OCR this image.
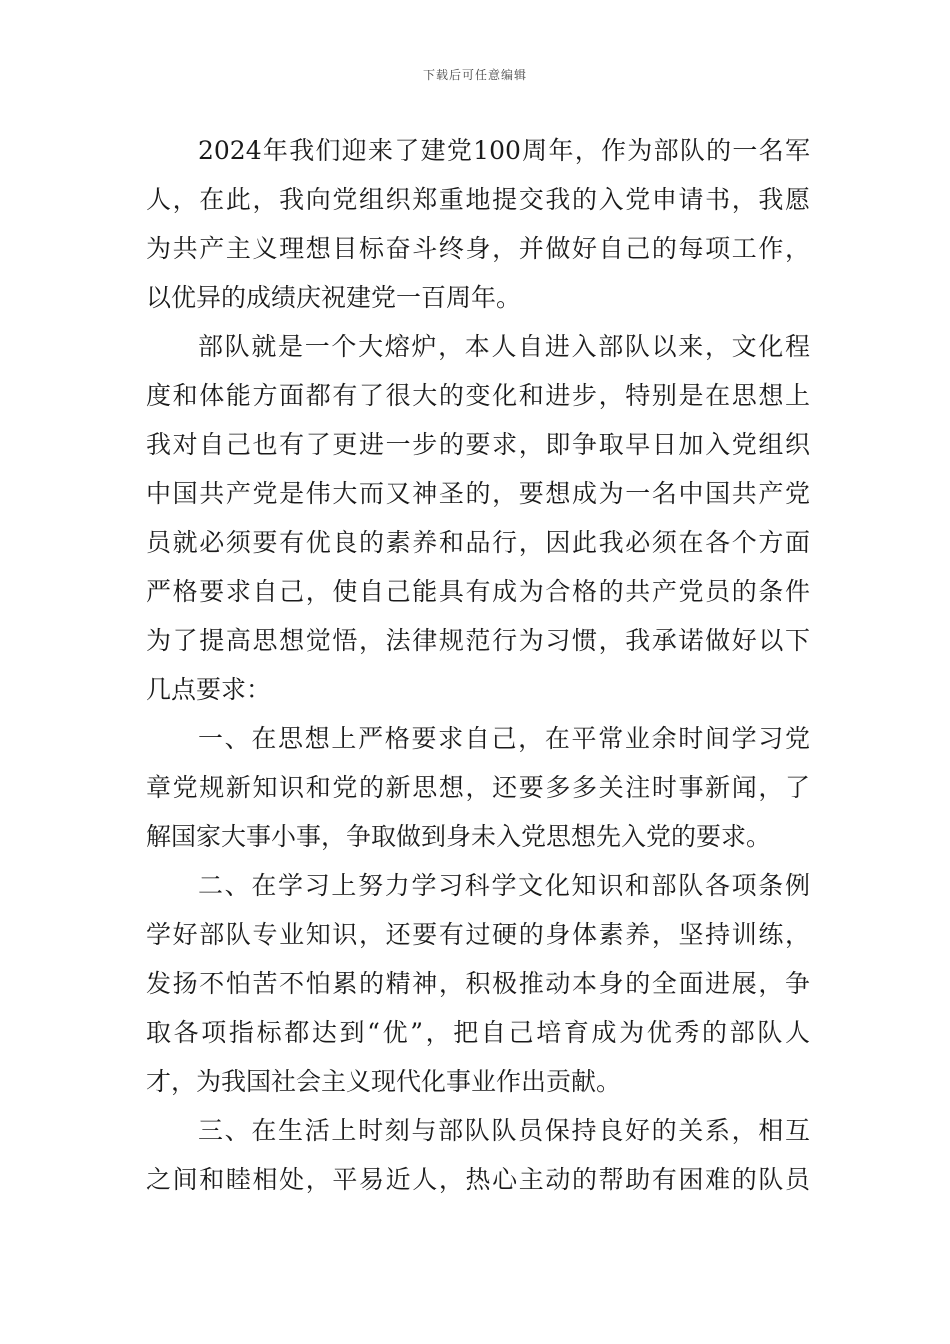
下载后可任意编辑
2024年我们迎来了建党100周年，作为部队的一名军
人，在此，我向党组织郑重地提交我的入党申请书，我愿
为共产主义理想目标奋斗终身，并做好自己的每项工作，
以优异的成绩庆祝建党一百周年。
部队就是一个大熔炉，本人自进入部队以来，文化程
度和体能方面都有了很大的变化和进步，特别是在思想上
我对自己也有了更进一步的要求，即争取早日加入党组织
中国共产党是伟大而又神圣的，要想成为一名中国共产党
员就必须要有优良的素养和品行，因此我必须在各个方面
严格要求自己，使自己能具有成为合格的共产党员的条件
为了提高思想觉悟，法律规范行为习惯，我承诺做好以下
几点要求：
一、在思想上严格要求自己，在平常业余时间学习党
章党规新知识和党的新思想，还要多多关注时事新闻，了
解国家大事小事，争取做到身未入党思想先入党的要求。
二、在学习上努力学习科学文化知识和部队各项条例
学好部队专业知识，还要有过硬的身体素养，坚持训练，
发扬不怕苦不怕累的精神，积极推动本身的全面进展，争
取各项指标都达到“优”，把自己培育成为优秀的部队人
才，为我国社会主义现代化事业作出贡献。
三、在生活上时刻与部队队员保持良好的关系，相互
之间和睦相处，平易近人，热心主动的帮助有困难的队员
